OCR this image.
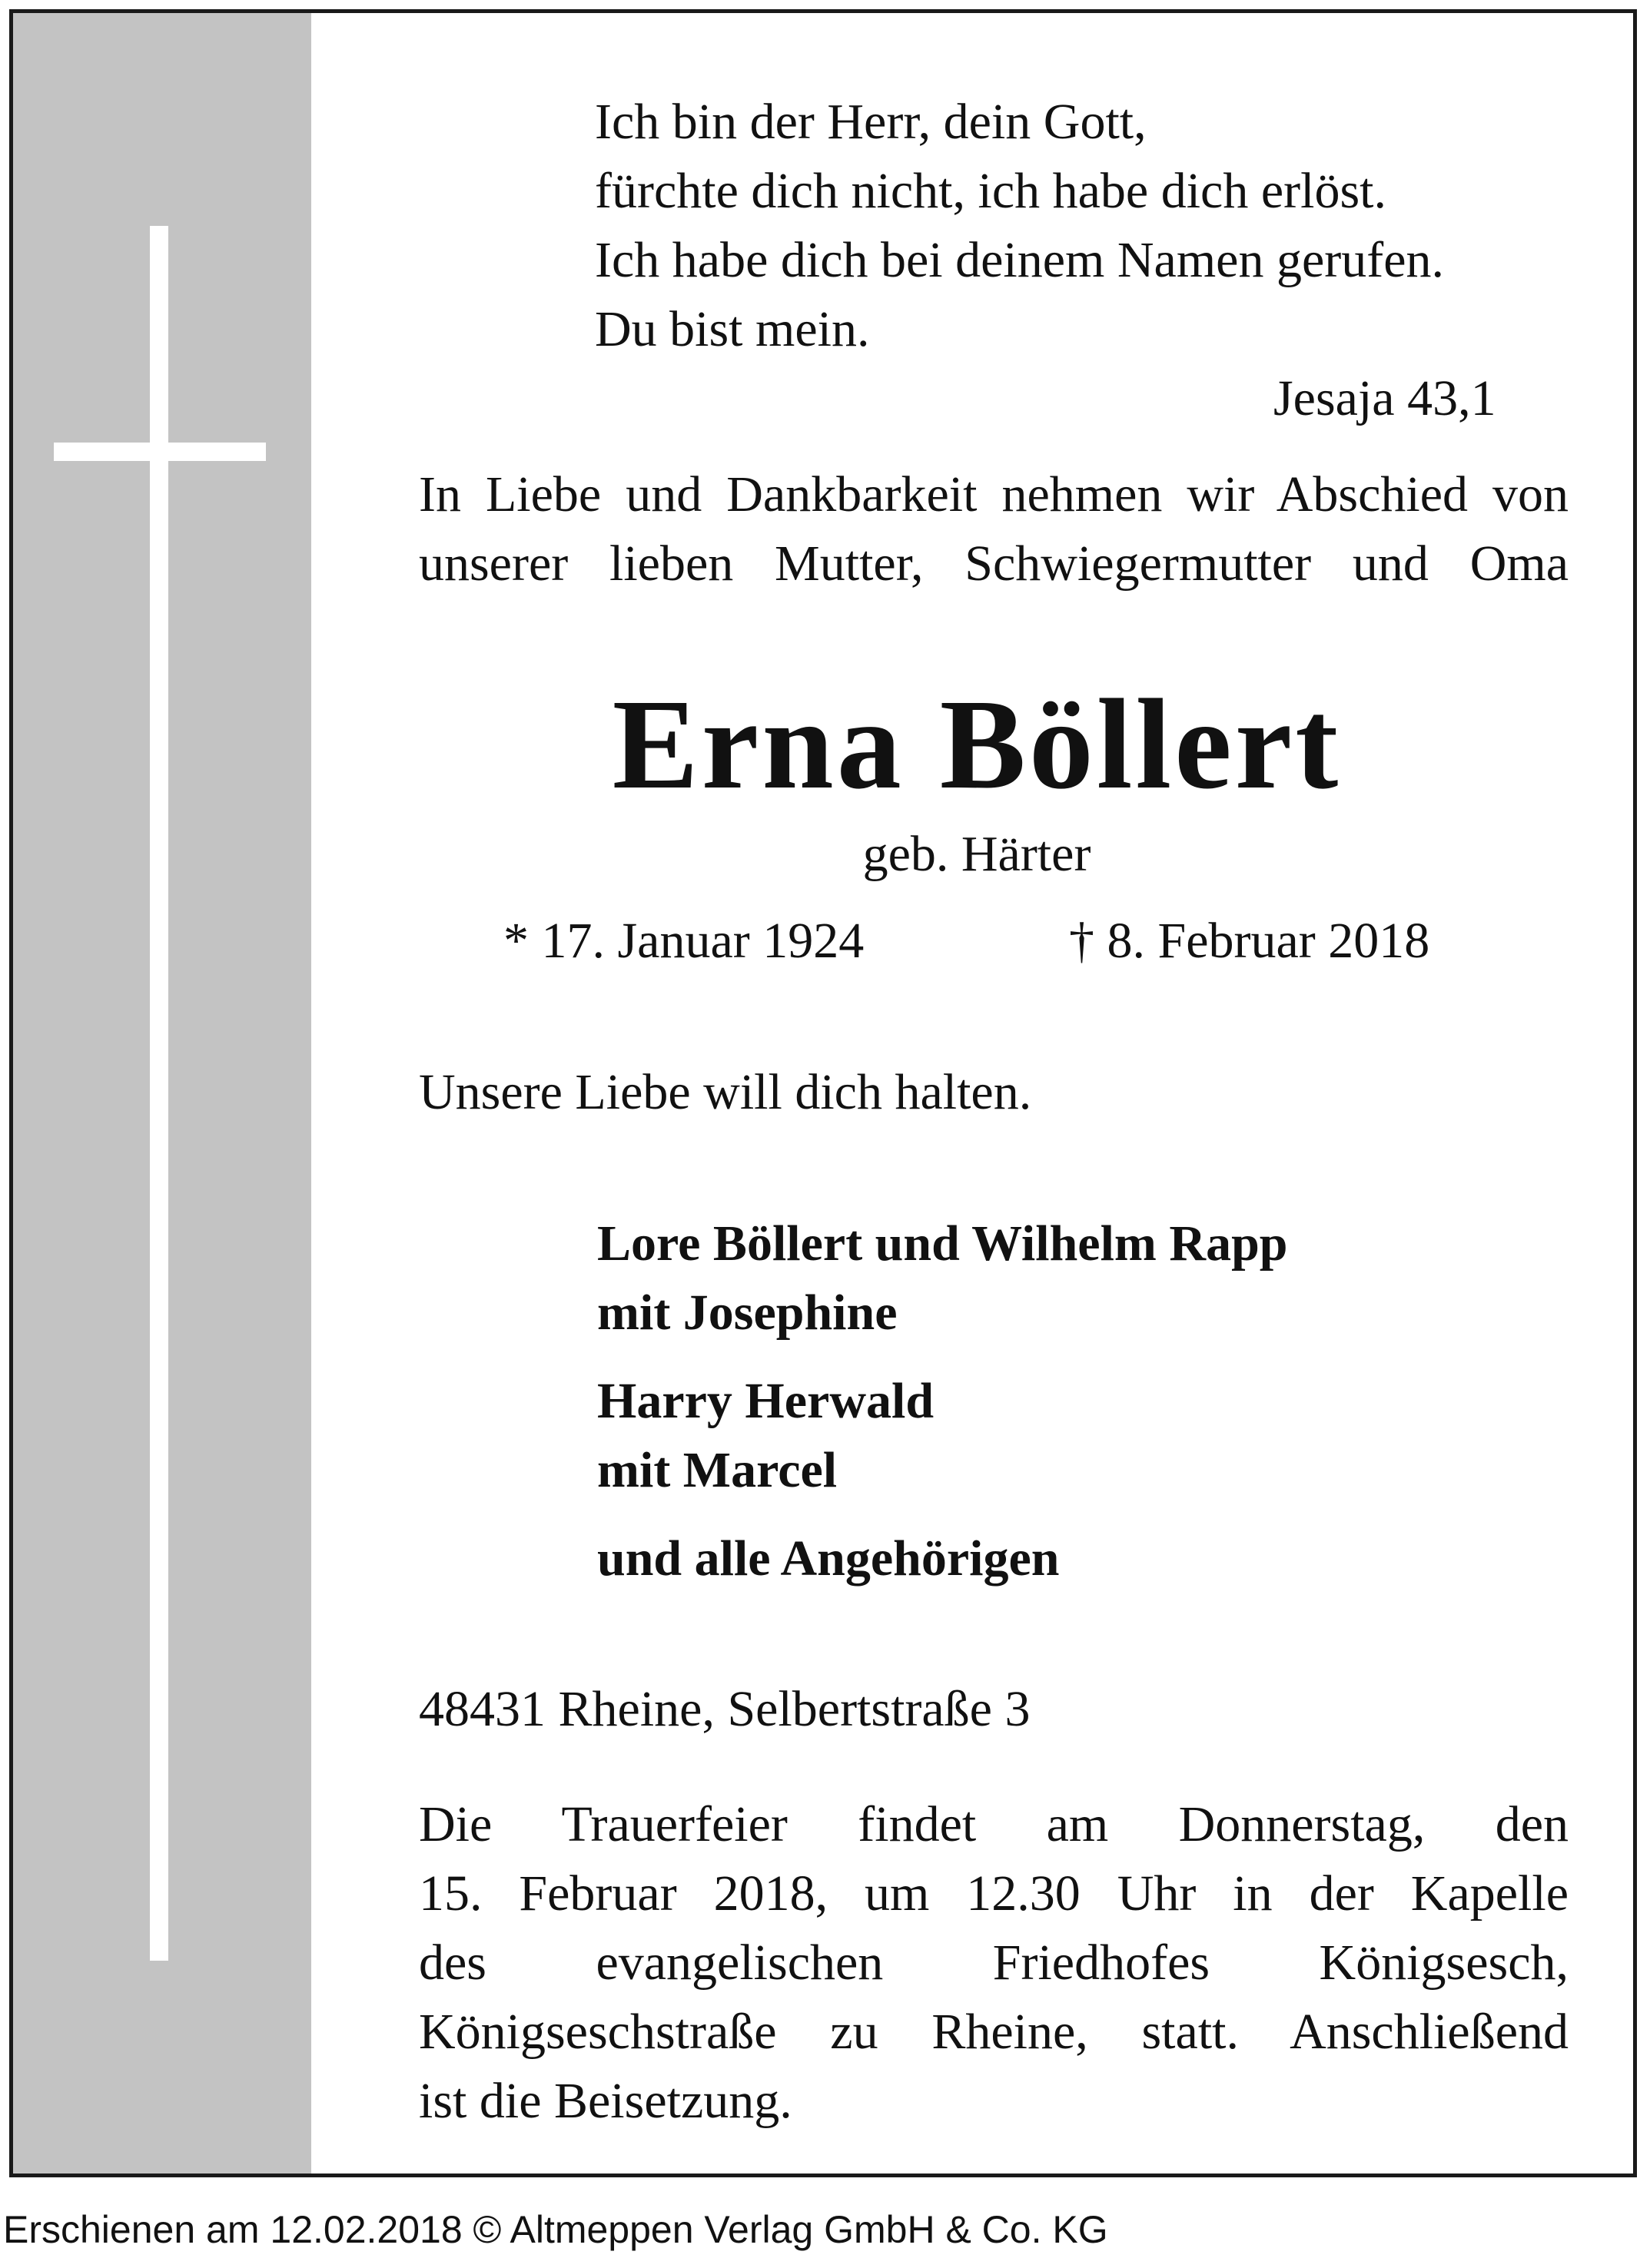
Ich bin der Herr, dein Gott,
fürchte dich nicht, ich habe dich erlöst.
Ich habe dich bei deinem Namen gerufen.
Du bist mein.
Jesaja 43,1
In Liebe und Dankbarkeit nehmen wir Abschied von
unserer lieben Mutter, Schwiegermutter und Oma
Erna Böllert
geb. Härter
* 17. Januar 1924	† 8. Februar 2018
Unsere Liebe will dich halten.
Lore Böllert und Wilhelm Rapp
mit Josephine
Harry Herwald
mit Marcel
und alle Angehörigen
48431 Rheine, Selbertstraße 3
Die Trauerfeier findet am Donnerstag, den
15. Februar 2018, um 12.30 Uhr in der Kapelle
des evangelischen Friedhofes Königsesch,
Königseschstraße zu Rheine, statt. Anschließend
ist die Beisetzung.
Erschienen am 12.02.2018 © Altmeppen Verlag GmbH & Co. KG
